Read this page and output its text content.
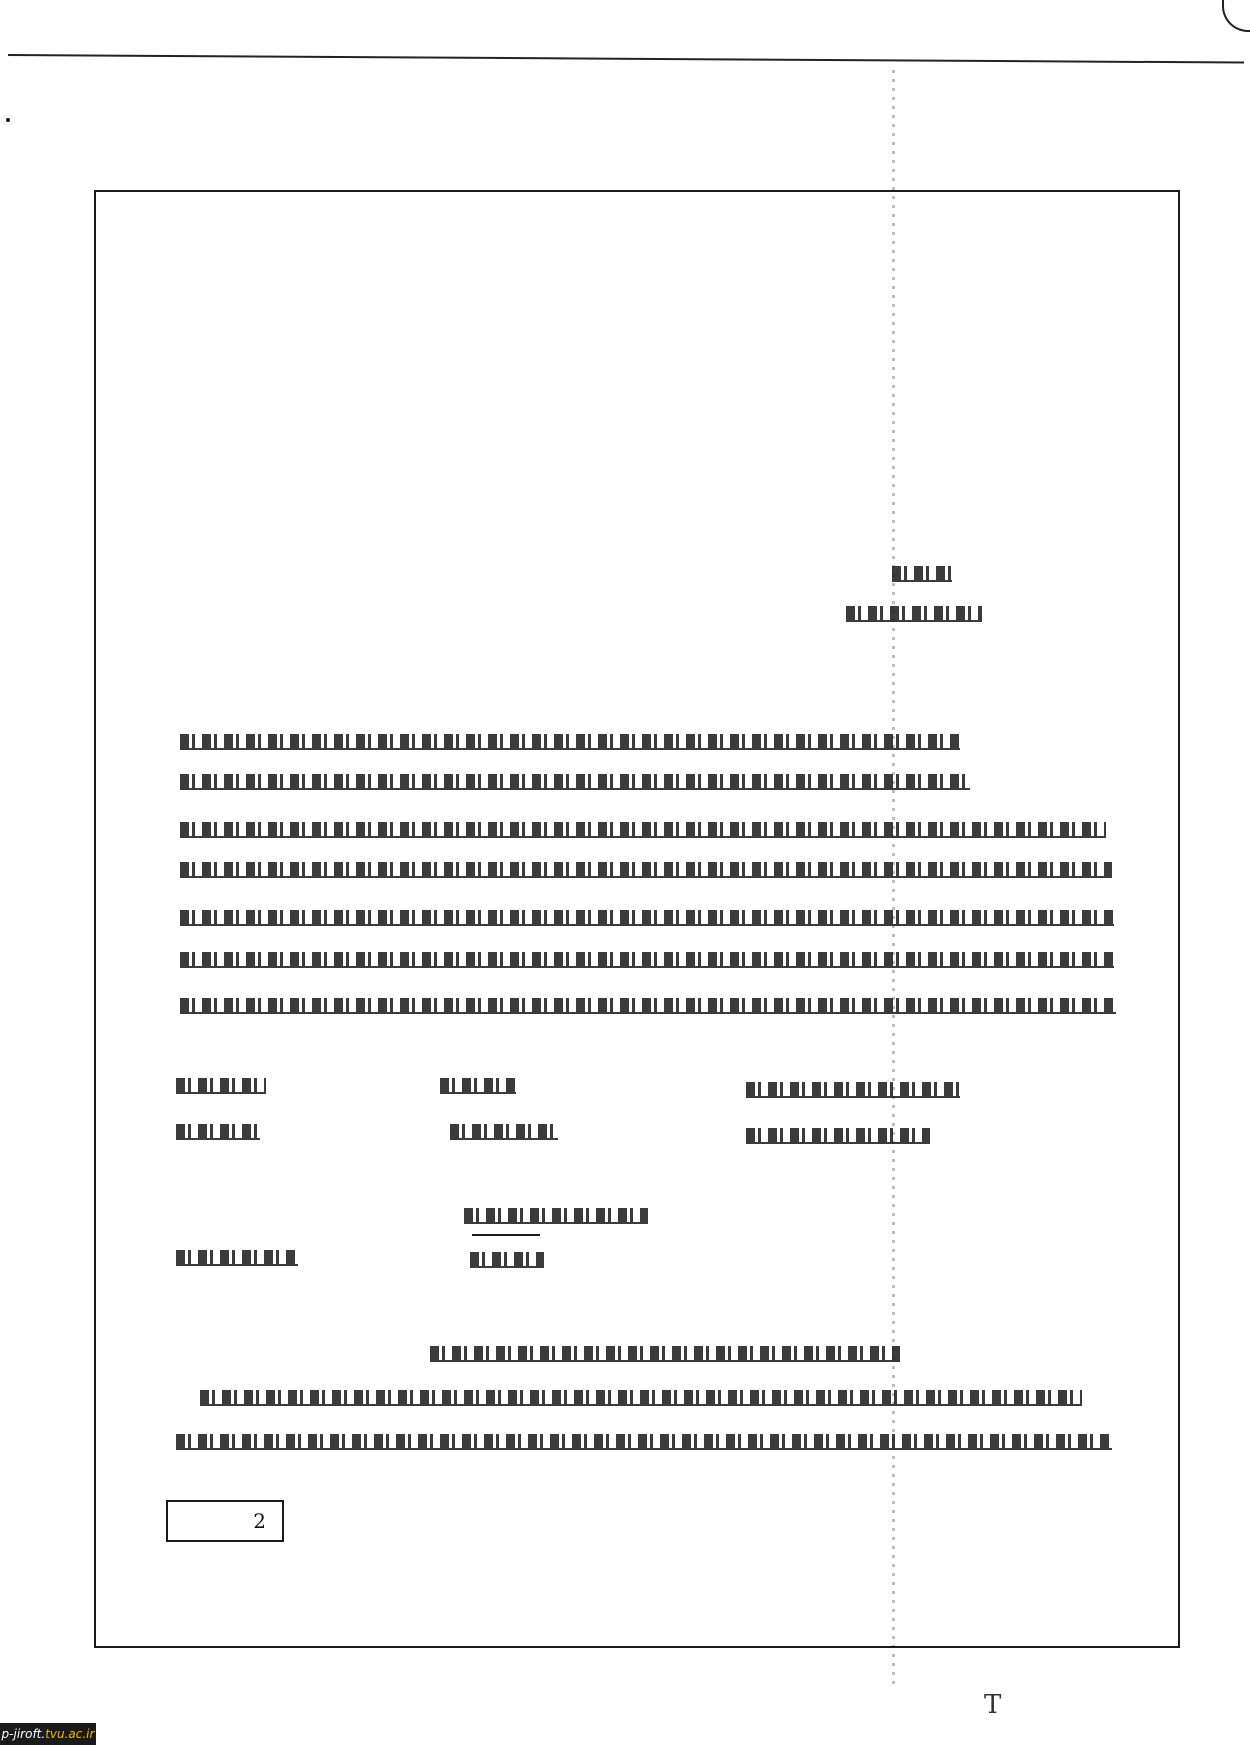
2
T
p-jiroft. tvu.ac.ir
